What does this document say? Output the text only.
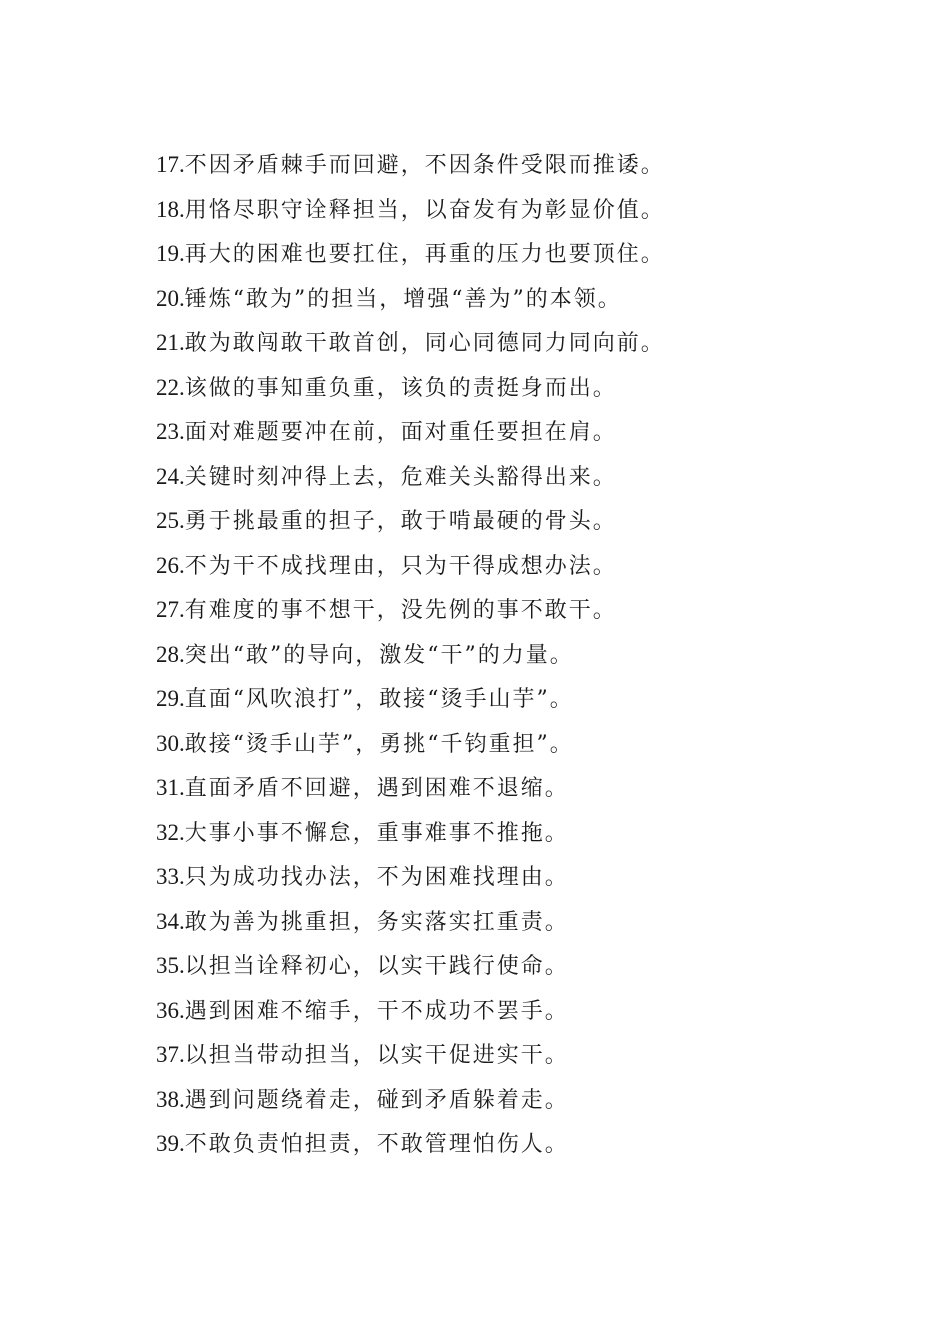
17.不因矛盾棘手而回避，不因条件受限而推诿。
18.用恪尽职守诠释担当，以奋发有为彰显价值。
19.再大的困难也要扛住，再重的压力也要顶住。
20.锤炼“敢为”的担当，增强“善为”的本领。
21.敢为敢闯敢干敢首创，同心同德同力同向前。
22.该做的事知重负重，该负的责挺身而出。
23.面对难题要冲在前，面对重任要担在肩。
24.关键时刻冲得上去，危难关头豁得出来。
25.勇于挑最重的担子，敢于啃最硬的骨头。
26.不为干不成找理由，只为干得成想办法。
27.有难度的事不想干，没先例的事不敢干。
28.突出“敢”的导向，激发“干”的力量。
29.直面“风吹浪打”，敢接“烫手山芋”。
30.敢接“烫手山芋”，勇挑“千钧重担”。
31.直面矛盾不回避，遇到困难不退缩。
32.大事小事不懈怠，重事难事不推拖。
33.只为成功找办法，不为困难找理由。
34.敢为善为挑重担，务实落实扛重责。
35.以担当诠释初心，以实干践行使命。
36.遇到困难不缩手，干不成功不罢手。
37.以担当带动担当，以实干促进实干。
38.遇到问题绕着走，碰到矛盾躲着走。
39.不敢负责怕担责，不敢管理怕伤人。
